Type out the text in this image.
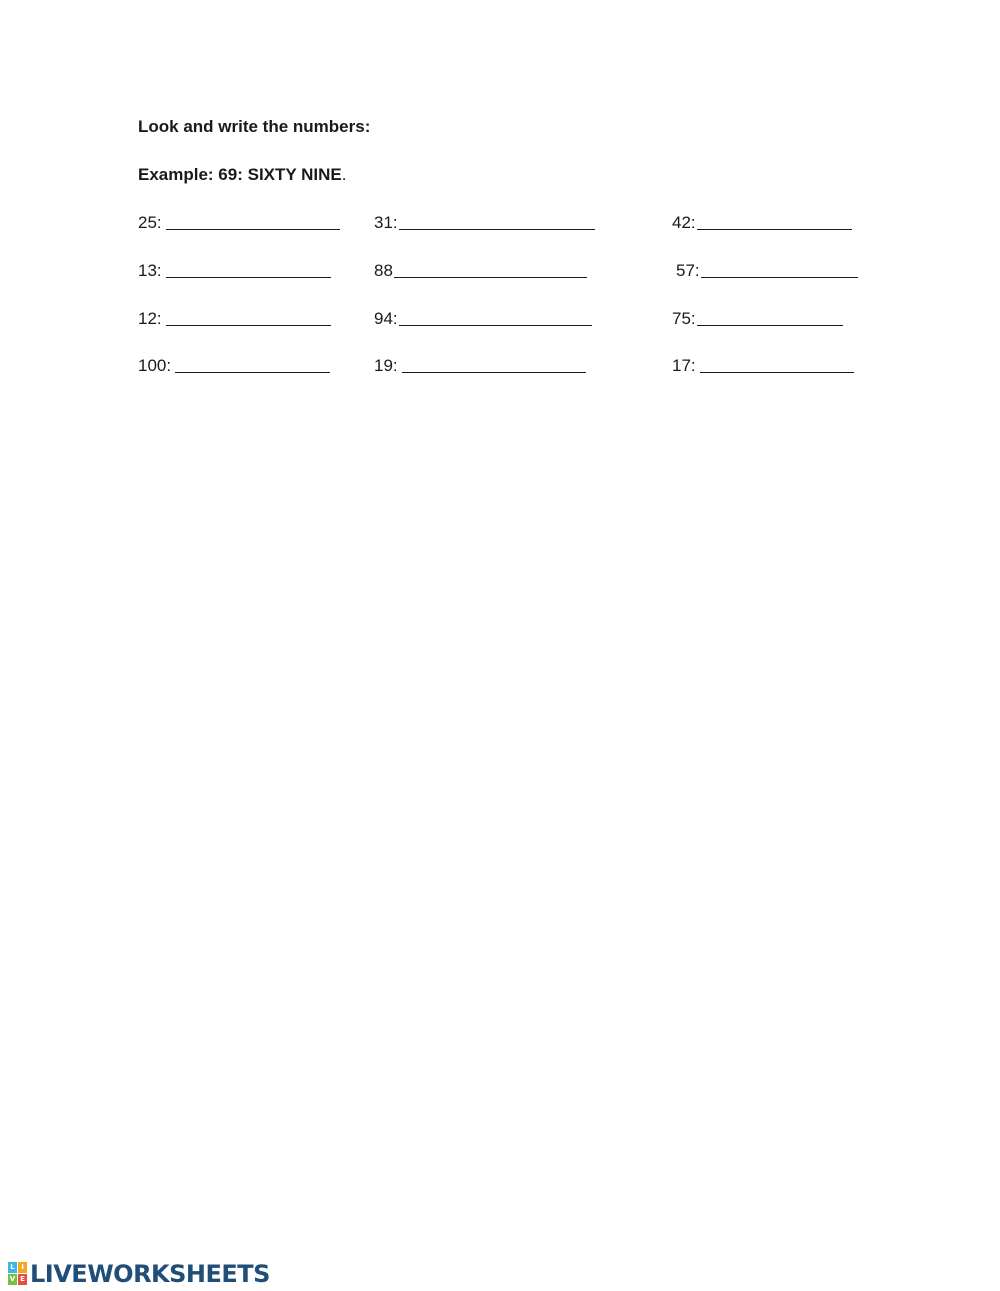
Look and write the numbers:
Example: 69: SIXTY NINE.
25:	31:	42:
13:	88	57:
12:	94:	75:
100:	19:	17:
L I
V E LIVEWORKSHEETS
